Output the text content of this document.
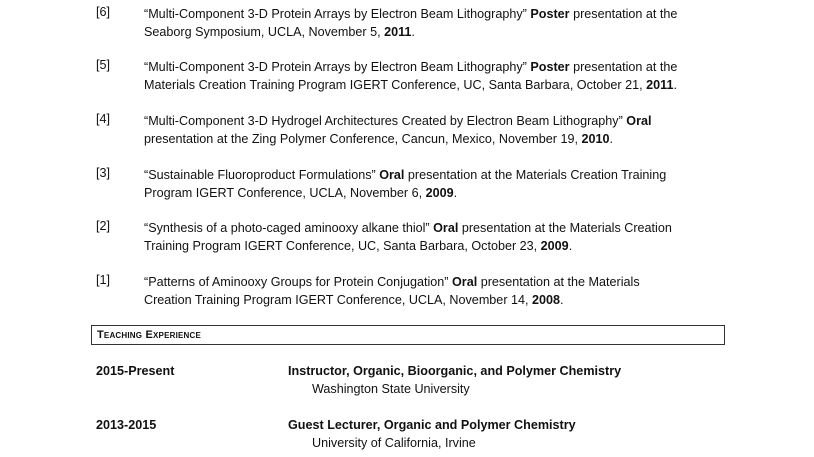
[6]	“Multi-Component 3-D Protein Arrays by Electron Beam Lithography” Poster presentation at the
Seaborg Symposium, UCLA, November 5, 2011.
[5]	“Multi-Component 3-D Protein Arrays by Electron Beam Lithography” Poster presentation at the
Materials Creation Training Program IGERT Conference, UC, Santa Barbara, October 21, 2011.
[4]	“Multi-Component 3-D Hydrogel Architectures Created by Electron Beam Lithography” Oral
presentation at the Zing Polymer Conference, Cancun, Mexico, November 19, 2010.
[3]	“Sustainable Fluoroproduct Formulations” Oral presentation at the Materials Creation Training
Program IGERT Conference, UCLA, November 6, 2009.
[2]	“Synthesis of a photo-caged aminooxy alkane thiol” Oral presentation at the Materials Creation
Training Program IGERT Conference, UC, Santa Barbara, October 23, 2009.
[1]	“Patterns of Aminooxy Groups for Protein Conjugation” Oral presentation at the Materials
Creation Training Program IGERT Conference, UCLA, November 14, 2008.
Teaching Experience
2015-Present	Instructor, Organic, Bioorganic, and Polymer Chemistry
Washington State University
2013-2015	Guest Lecturer, Organic and Polymer Chemistry
University of California, Irvine
